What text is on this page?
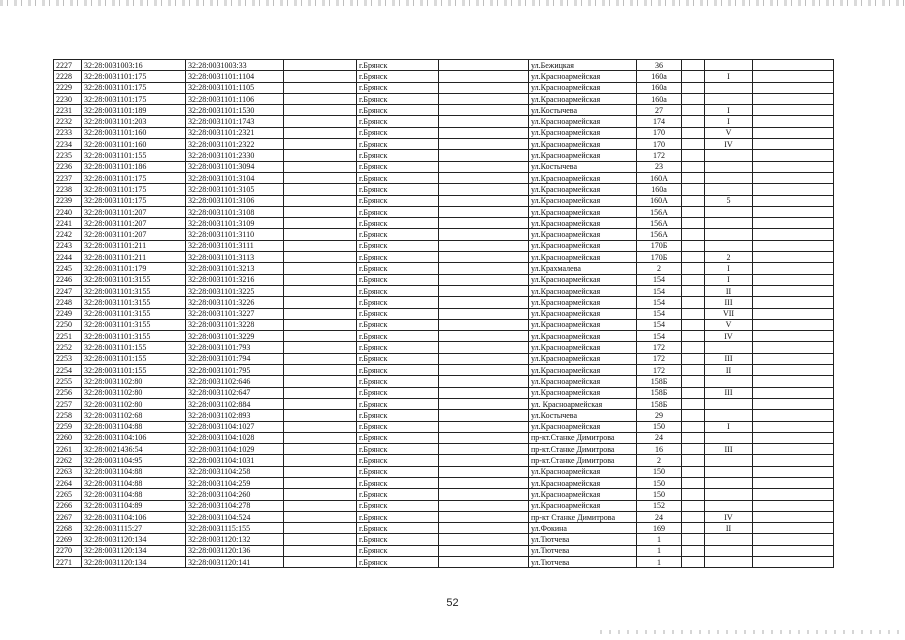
2227	32:28:0031003:16	32:28:0031003:33		г.Брянск		ул.Бежицкая	36			
2228	32:28:0031101:175	32:28:0031101:1104		г.Брянск		ул.Красноармейская	160а		I	
2229	32:28:0031101:175	32:28:0031101:1105		г.Брянск		ул.Красноармейская	160а			
2230	32:28:0031101:175	32:28:0031101:1106		г.Брянск		ул.Красноармейская	160а			
2231	32:28:0031101:189	32:28:0031101:1530		г.Брянск		ул.Костычева	27		I	
2232	32:28:0031101:203	32:28:0031101:1743		г.Брянск		ул.Красноармейская	174		I	
2233	32:28:0031101:160	32:28:0031101:2321		г.Брянск		ул.Красноармейская	170		V	
2234	32:28:0031101:160	32:28:0031101:2322		г.Брянск		ул.Красноармейская	170		IV	
2235	32:28:0031101:155	32:28:0031101:2330		г.Брянск		ул.Красноармейская	172			
2236	32:28:0031101:186	32:28:0031101:3094		г.Брянск		ул.Костычева	23			
2237	32:28:0031101:175	32:28:0031101:3104		г.Брянск		ул.Красноармейская	160А			
2238	32:28:0031101:175	32:28:0031101:3105		г.Брянск		ул.Красноармейская	160а			
2239	32:28:0031101:175	32:28:0031101:3106		г.Брянск		ул.Красноармейская	160А		5	
2240	32:28:0031101:207	32:28:0031101:3108		г.Брянск		ул.Красноармейская	156А			
2241	32:28:0031101:207	32:28:0031101:3109		г.Брянск		ул.Красноармейская	156А			
2242	32:28:0031101:207	32:28:0031101:3110		г.Брянск		ул.Красноармейская	156А			
2243	32:28:0031101:211	32:28:0031101:3111		г.Брянск		ул.Красноармейская	170Б			
2244	32:28:0031101:211	32:28:0031101:3113		г.Брянск		ул.Красноармейская	170Б		2	
2245	32:28:0031101:179	32:28:0031101:3213		г.Брянск		ул.Крахмалева	2		I	
2246	32:28:0031101:3155	32:28:0031101:3216		г.Брянск		ул.Красноармейская	154		I	
2247	32:28:0031101:3155	32:28:0031101:3225		г.Брянск		ул.Красноармейская	154		II	
2248	32:28:0031101:3155	32:28:0031101:3226		г.Брянск		ул.Красноармейская	154		III	
2249	32:28:0031101:3155	32:28:0031101:3227		г.Брянск		ул.Красноармейская	154		VII	
2250	32:28:0031101:3155	32:28:0031101:3228		г.Брянск		ул.Красноармейская	154		V	
2251	32:28:0031101:3155	32:28:0031101:3229		г.Брянск		ул.Красноармейская	154		IV	
2252	32:28:0031101:155	32:28:0031101:793		г.Брянск		ул.Красноармейская	172			
2253	32:28:0031101:155	32:28:0031101:794		г.Брянск		ул.Красноармейская	172		III	
2254	32:28:0031101:155	32:28:0031101:795		г.Брянск		ул.Красноармейская	172		II	
2255	32:28:0031102:80	32:28:0031102:646		г.Брянск		ул.Красноармейская	158Б			
2256	32:28:0031102:80	32:28:0031102:647		г.Брянск		ул.Красноармейская	158Б		III	
2257	32:28:0031102:80	32:28:0031102:884		г.Брянск		ул. Красноармейская	158Б			
2258	32:28:0031102:68	32:28:0031102:893		г.Брянск		ул.Костычева	29			
2259	32:28:0031104:88	32:28:0031104:1027		г.Брянск		ул.Красноармейская	150		I	
2260	32:28:0031104:106	32:28:0031104:1028		г.Брянск		пр-кт.Станке Димитрова	24			
2261	32:28:0021436:54	32:28:0031104:1029		г.Брянск		пр-кт.Станке Димитрова	16		III	
2262	32:28:0031104:95	32:28:0031104:1031		г.Брянск		пр-кт.Станке Димитрова	2			
2263	32:28:0031104:88	32:28:0031104:258		г.Брянск		ул.Красноармейская	150			
2264	32:28:0031104:88	32:28:0031104:259		г.Брянск		ул.Красноармейская	150			
2265	32:28:0031104:88	32:28:0031104:260		г.Брянск		ул.Красноармейская	150			
2266	32:28:0031104:89	32:28:0031104:278		г.Брянск		ул.Красноармейская	152			
2267	32:28:0031104:106	32:28:0031104:524		г.Брянск		пр-кт Станке Димитрова	24		IV	
2268	32:28:0031115:27	32:28:0031115:155		г.Брянск		ул.Фокина	169		II	
2269	32:28:0031120:134	32:28:0031120:132		г.Брянск		ул.Тютчева	1			
2270	32:28:0031120:134	32:28:0031120:136		г.Брянск		ул.Тютчева	1			
2271	32:28:0031120:134	32:28:0031120:141		г.Брянск		ул.Тютчева	1			
52
